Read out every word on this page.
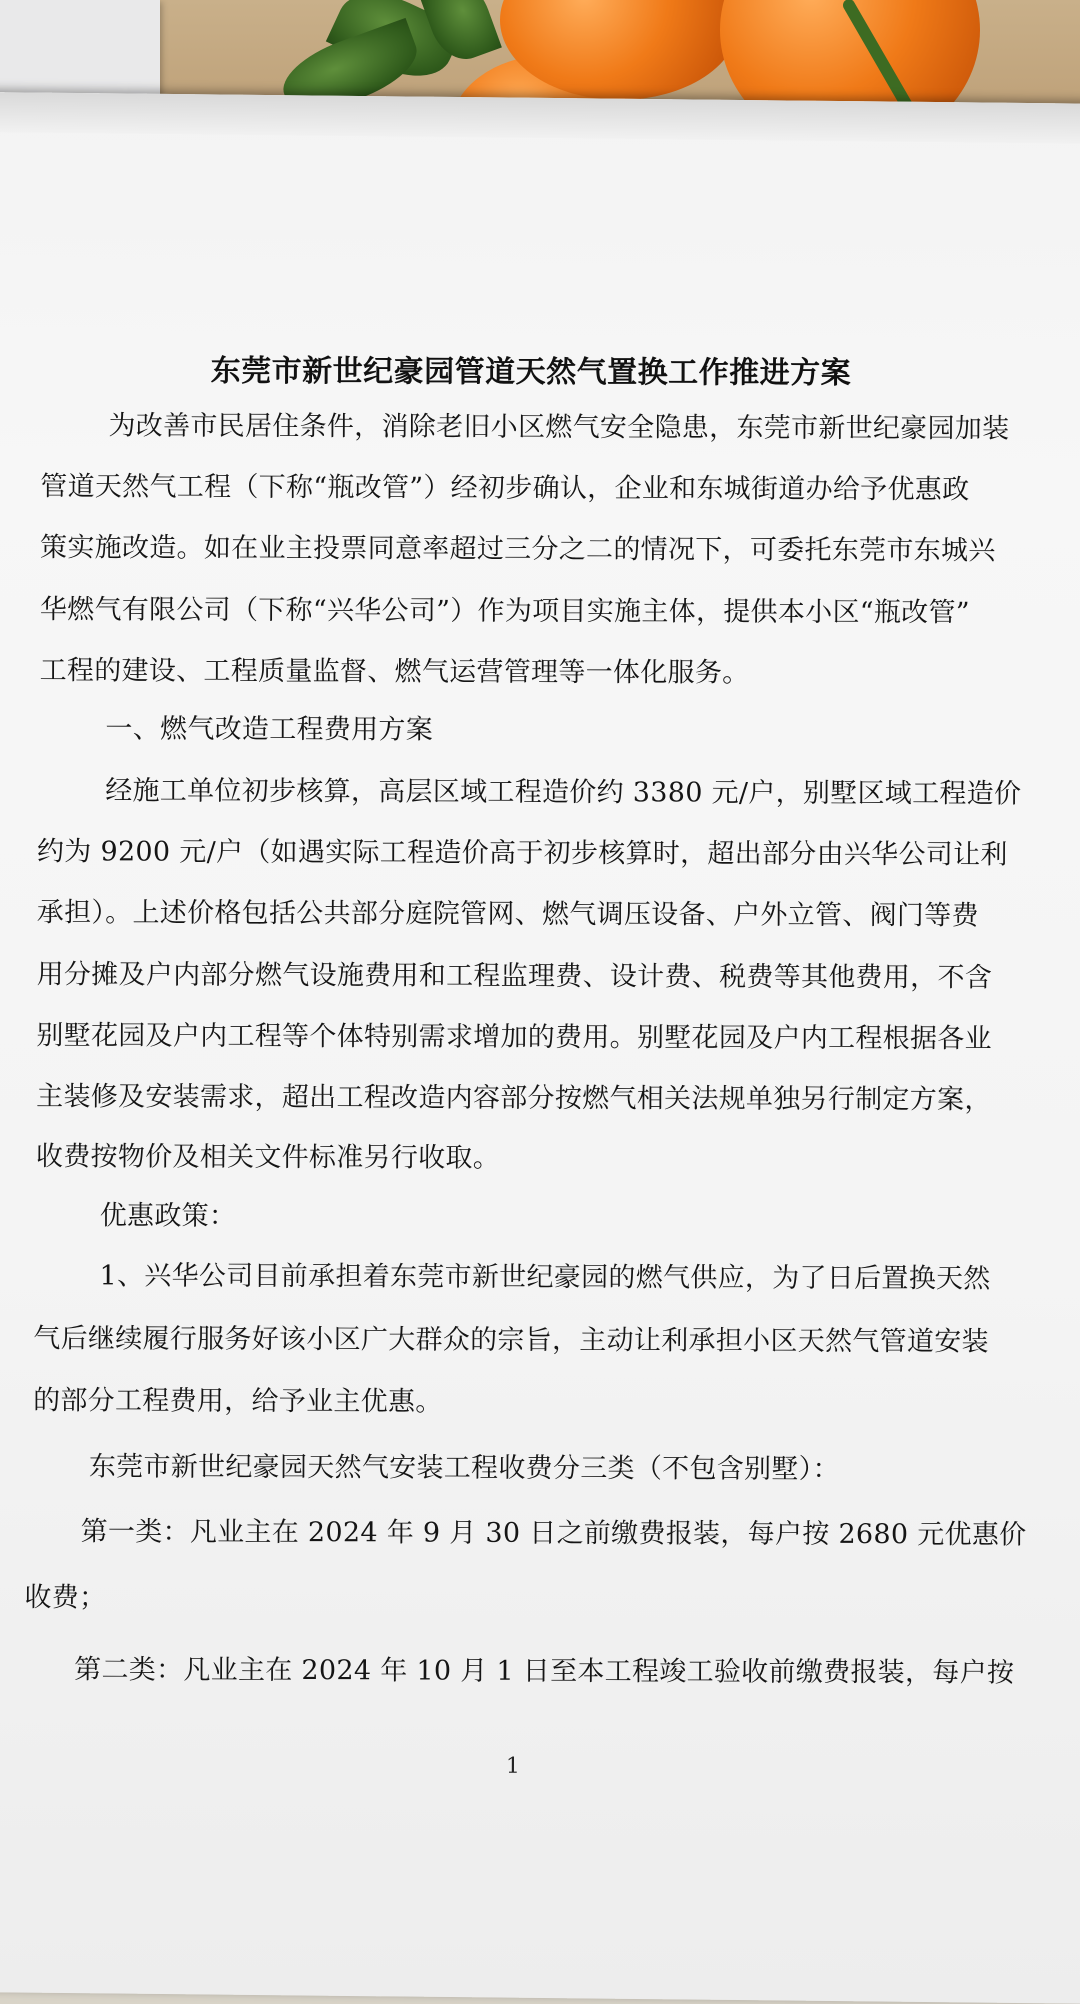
东莞市新世纪豪园管道天然气置换工作推进方案
为改善市民居住条件，消除老旧小区燃气安全隐患，东莞市新世纪豪园加装
管道天然气工程（下称“瓶改管”）经初步确认，企业和东城街道办给予优惠政
策实施改造。如在业主投票同意率超过三分之二的情况下，可委托东莞市东城兴
华燃气有限公司（下称“兴华公司”）作为项目实施主体，提供本小区“瓶改管”
工程的建设、工程质量监督、燃气运营管理等一体化服务。
一、燃气改造工程费用方案
经施工单位初步核算，高层区域工程造价约 3380 元/户，别墅区域工程造价
约为 9200 元/户（如遇实际工程造价高于初步核算时，超出部分由兴华公司让利
承担）。上述价格包括公共部分庭院管网、燃气调压设备、户外立管、阀门等费
用分摊及户内部分燃气设施费用和工程监理费、设计费、税费等其他费用，不含
别墅花园及户内工程等个体特别需求增加的费用。别墅花园及户内工程根据各业
主装修及安装需求，超出工程改造内容部分按燃气相关法规单独另行制定方案，
收费按物价及相关文件标准另行收取。
优惠政策：
1、兴华公司目前承担着东莞市新世纪豪园的燃气供应，为了日后置换天然
气后继续履行服务好该小区广大群众的宗旨，主动让利承担小区天然气管道安装
的部分工程费用，给予业主优惠。
东莞市新世纪豪园天然气安装工程收费分三类（不包含别墅）：
第一类：凡业主在 2024 年 9 月 30 日之前缴费报装，每户按 2680 元优惠价
收费；
第二类：凡业主在 2024 年 10 月 1 日至本工程竣工验收前缴费报装，每户按
1
